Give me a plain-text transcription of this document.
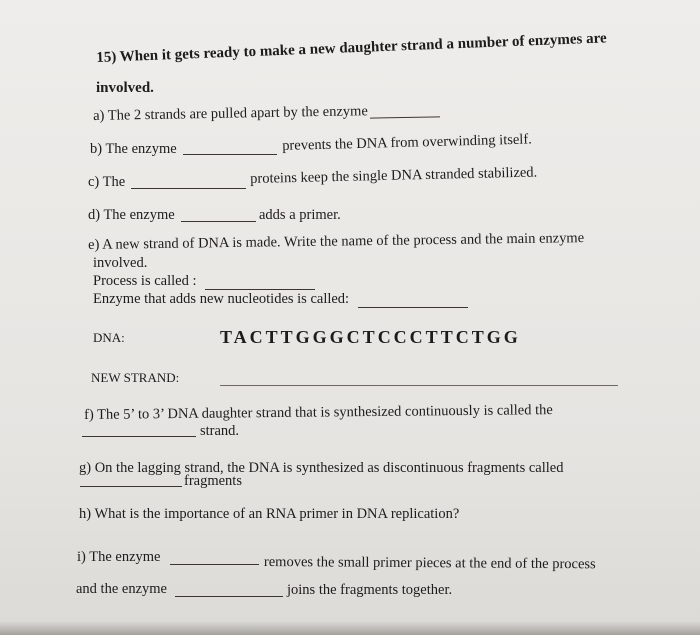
15) When it gets ready to make a new daughter strand a number of enzymes are
involved.
a) The 2 strands are pulled apart by the enzyme
b) The enzyme	prevents the DNA from overwinding itself.
c) The	proteins keep the single DNA stranded stabilized.
d) The enzyme	adds a primer.
e) A new strand of DNA is made. Write the name of the process and the main enzyme
involved.
Process is called :
Enzyme that adds new nucleotides is called:
DNA:	TACTTGGGCTCCCTTCTGG
NEW STRAND:
f) The 5’ to 3’ DNA daughter strand that is synthesized continuously is called the
strand.
g) On the lagging strand, the DNA is synthesized as discontinuous fragments called
fragments
h) What is the importance of an RNA primer in DNA replication?
i) The enzyme	removes the small primer pieces at the end of the process
and the enzyme	joins the fragments together.
